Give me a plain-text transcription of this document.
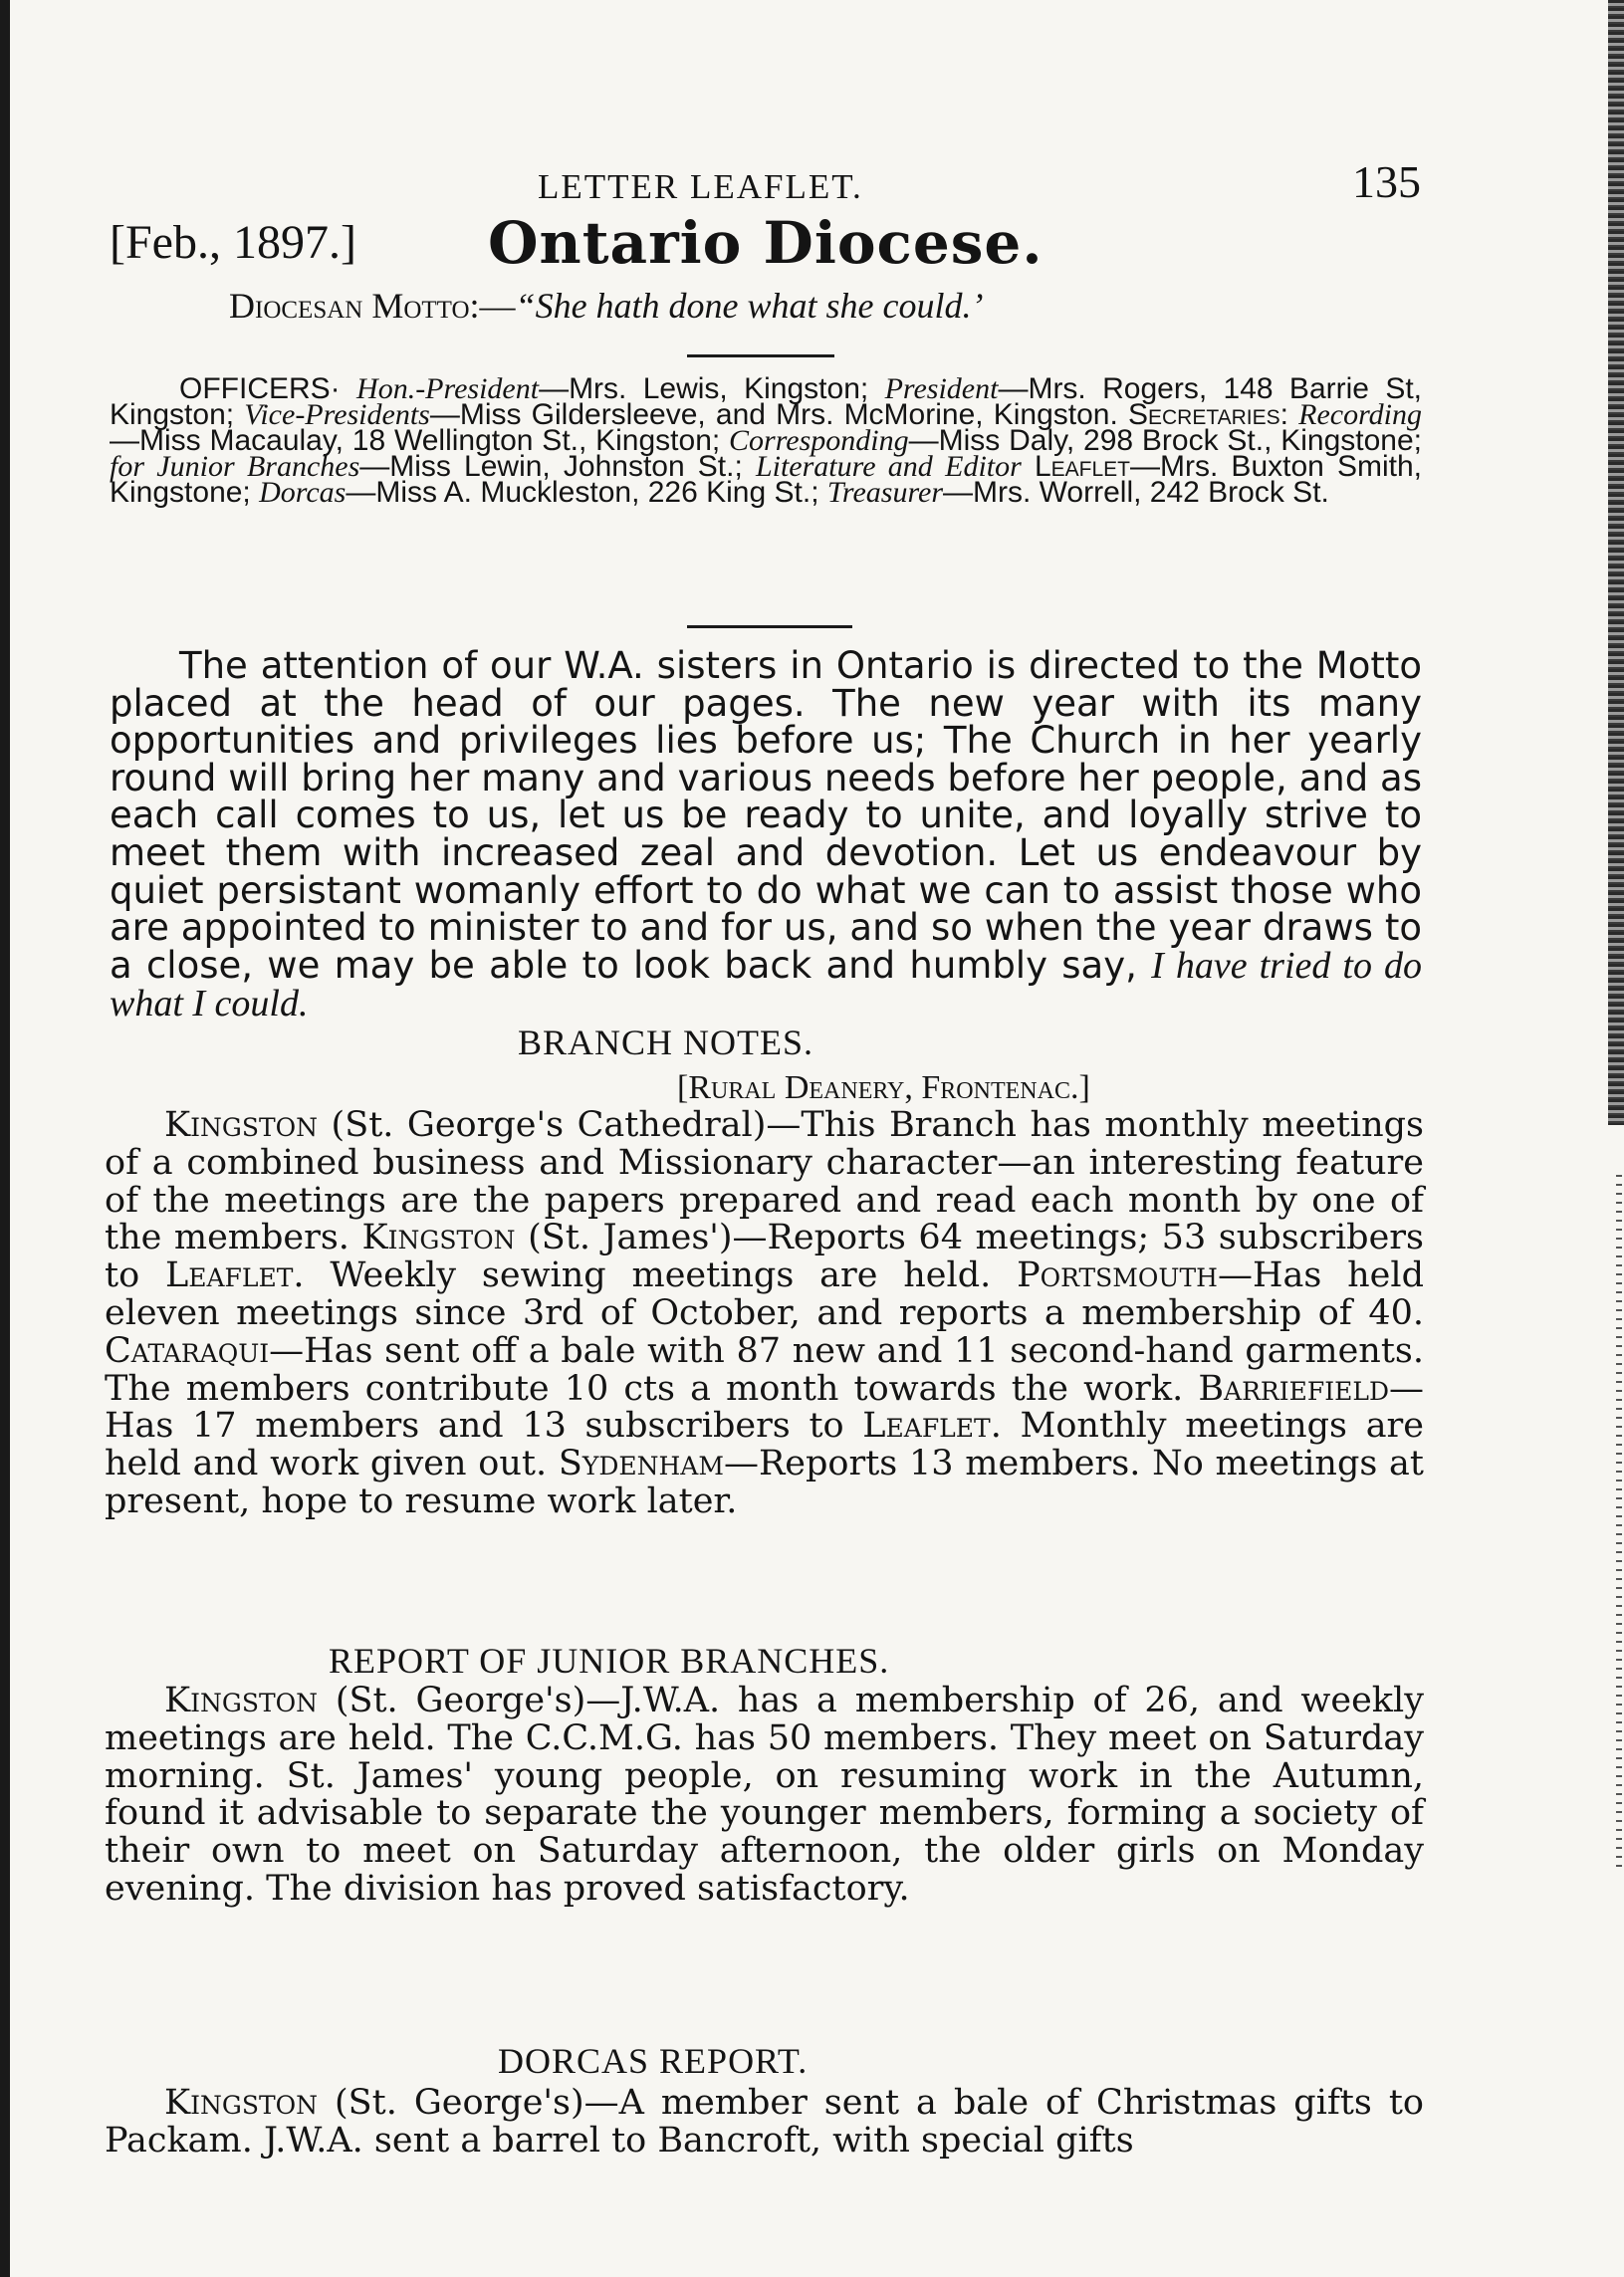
LETTER LEAFLET.	135
[Feb., 1897.] Ontario Diocese.
Diocesan Motto:—“She hath done what she could.’
OFFICERS· Hon.-President—Mrs. Lewis, Kingston; President—Mrs. Rogers, 148 Barrie St, Kingston; Vice-Presidents—Miss Gildersleeve, and Mrs. McMorine, Kingston. Secretaries: Recording—Miss Macaulay, 18 Wellington St., Kingston; Corresponding—Miss Daly, 298 Brock St., Kingstone; for Junior Branches—Miss Lewin, Johnston St.; Literature and Editor Leaflet—Mrs. Buxton Smith, Kingstone; Dorcas—Miss A. Muckleston, 226 King St.; Treasurer—Mrs. Worrell, 242 Brock St.
The attention of our W.A. sisters in Ontario is directed to the Motto placed at the head of our pages. The new year with its many opportunities and privileges lies before us; The Church in her yearly round will bring her many and various needs before her people, and as each call comes to us, let us be ready to unite, and loyally strive to meet them with increased zeal and devotion. Let us endeavour by quiet persistant womanly effort to do what we can to assist those who are appointed to minister to and for us, and so when the year draws to a close, we may be able to look back and humbly say, I have tried to do what I could.
BRANCH NOTES.
[Rural Deanery, Frontenac.]
Kingston (St. George's Cathedral)—This Branch has monthly meetings of a combined business and Missionary character—an interesting feature of the meetings are the papers prepared and read each month by one of the members. Kingston (St. James')—Reports 64 meetings; 53 subscribers to Leaflet. Weekly sewing meetings are held. Portsmouth—Has held eleven meetings since 3rd of October, and reports a membership of 40. Cataraqui—Has sent off a bale with 87 new and 11 second-hand garments. The members contribute 10 cts a month towards the work. Barriefield—Has 17 members and 13 subscribers to Leaflet. Monthly meetings are held and work given out. Sydenham—Reports 13 members. No meetings at present, hope to resume work later.
REPORT OF JUNIOR BRANCHES.
Kingston (St. George's)—J.W.A. has a membership of 26, and weekly meetings are held. The C.C.M.G. has 50 members. They meet on Saturday morning. St. James' young people, on resuming work in the Autumn, found it advisable to separate the younger members, forming a society of their own to meet on Saturday afternoon, the older girls on Monday evening. The division has proved satisfactory.
DORCAS REPORT.
Kingston (St. George's)—A member sent a bale of Christmas gifts to Packam. J.W.A. sent a barrel to Bancroft, with special gifts
